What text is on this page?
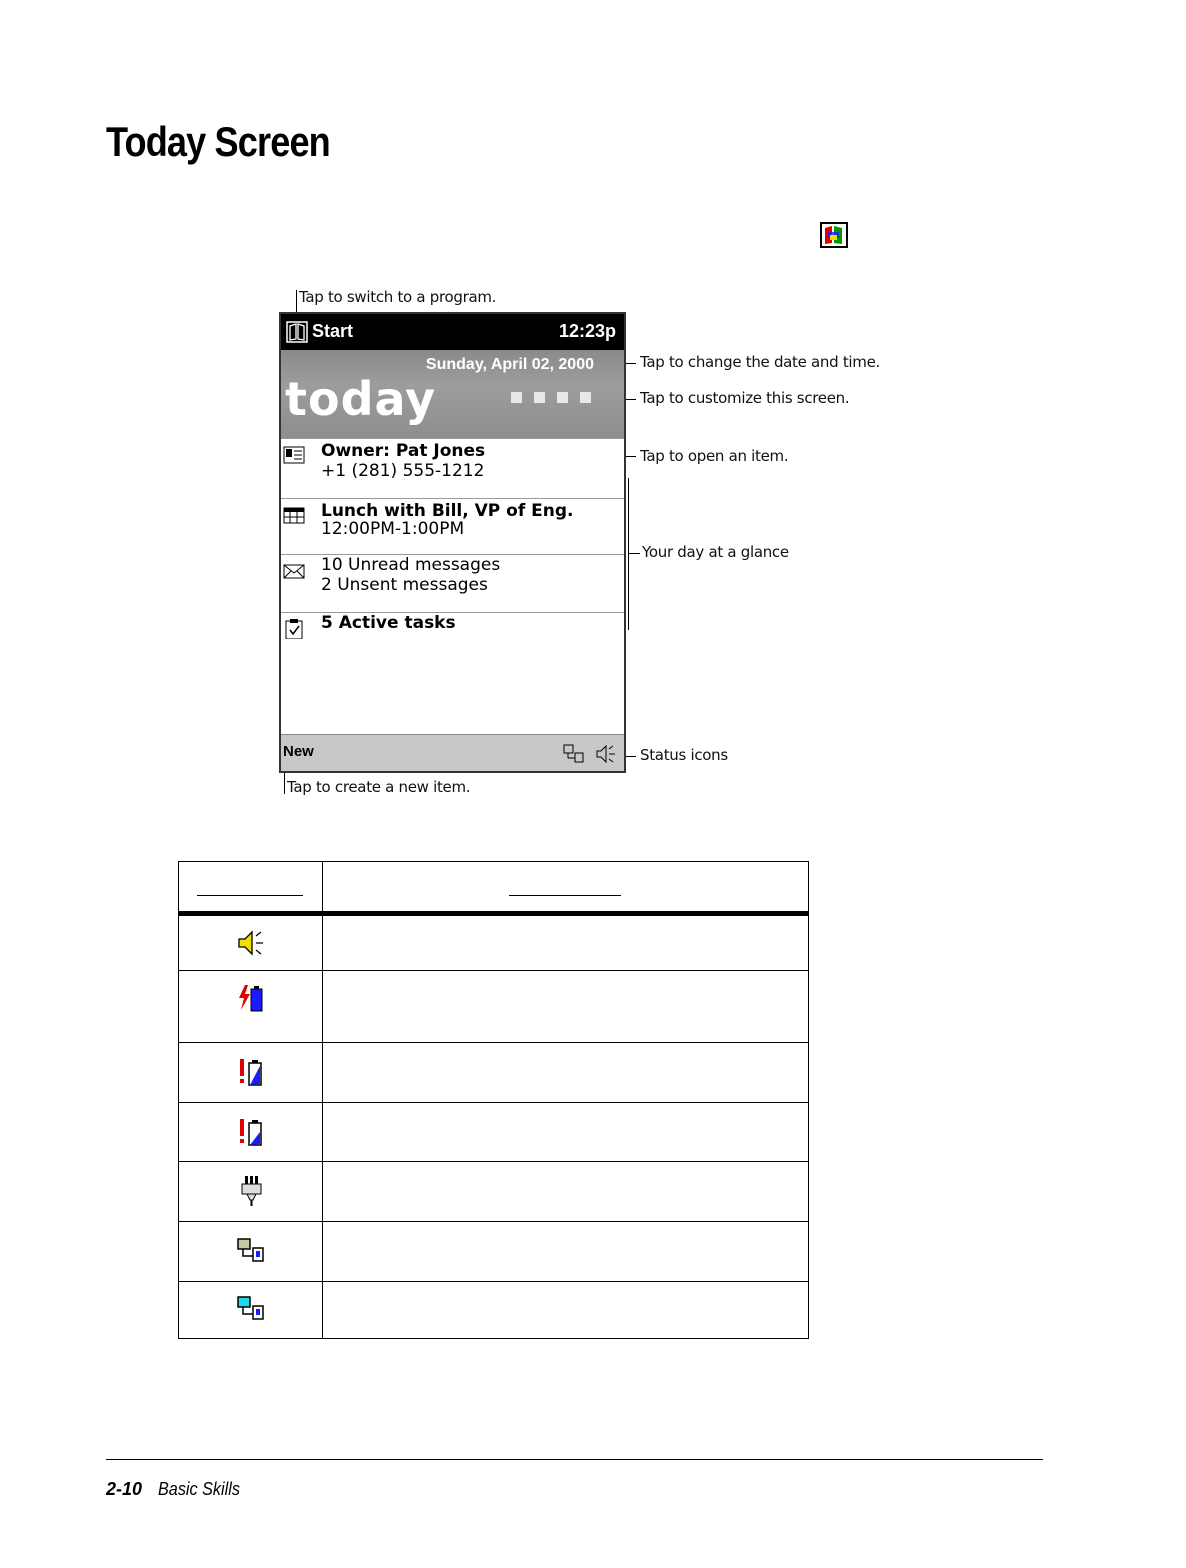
Today Screen
Tap to switch to a program.
Tap to change the date and time.
Tap to customize this screen.
Tap to open an item.
Your day at a glance
Status icons
Tap to create a new item.
Start	12:23p
Sunday, April 02, 2000
today
Owner: Pat Jones
+1 (281) 555-1212
Lunch with Bill, VP of Eng.
12:00PM-1:00PM
10 Unread messages
2 Unsent messages
5 Active tasks
New
2-10 Basic Skills
